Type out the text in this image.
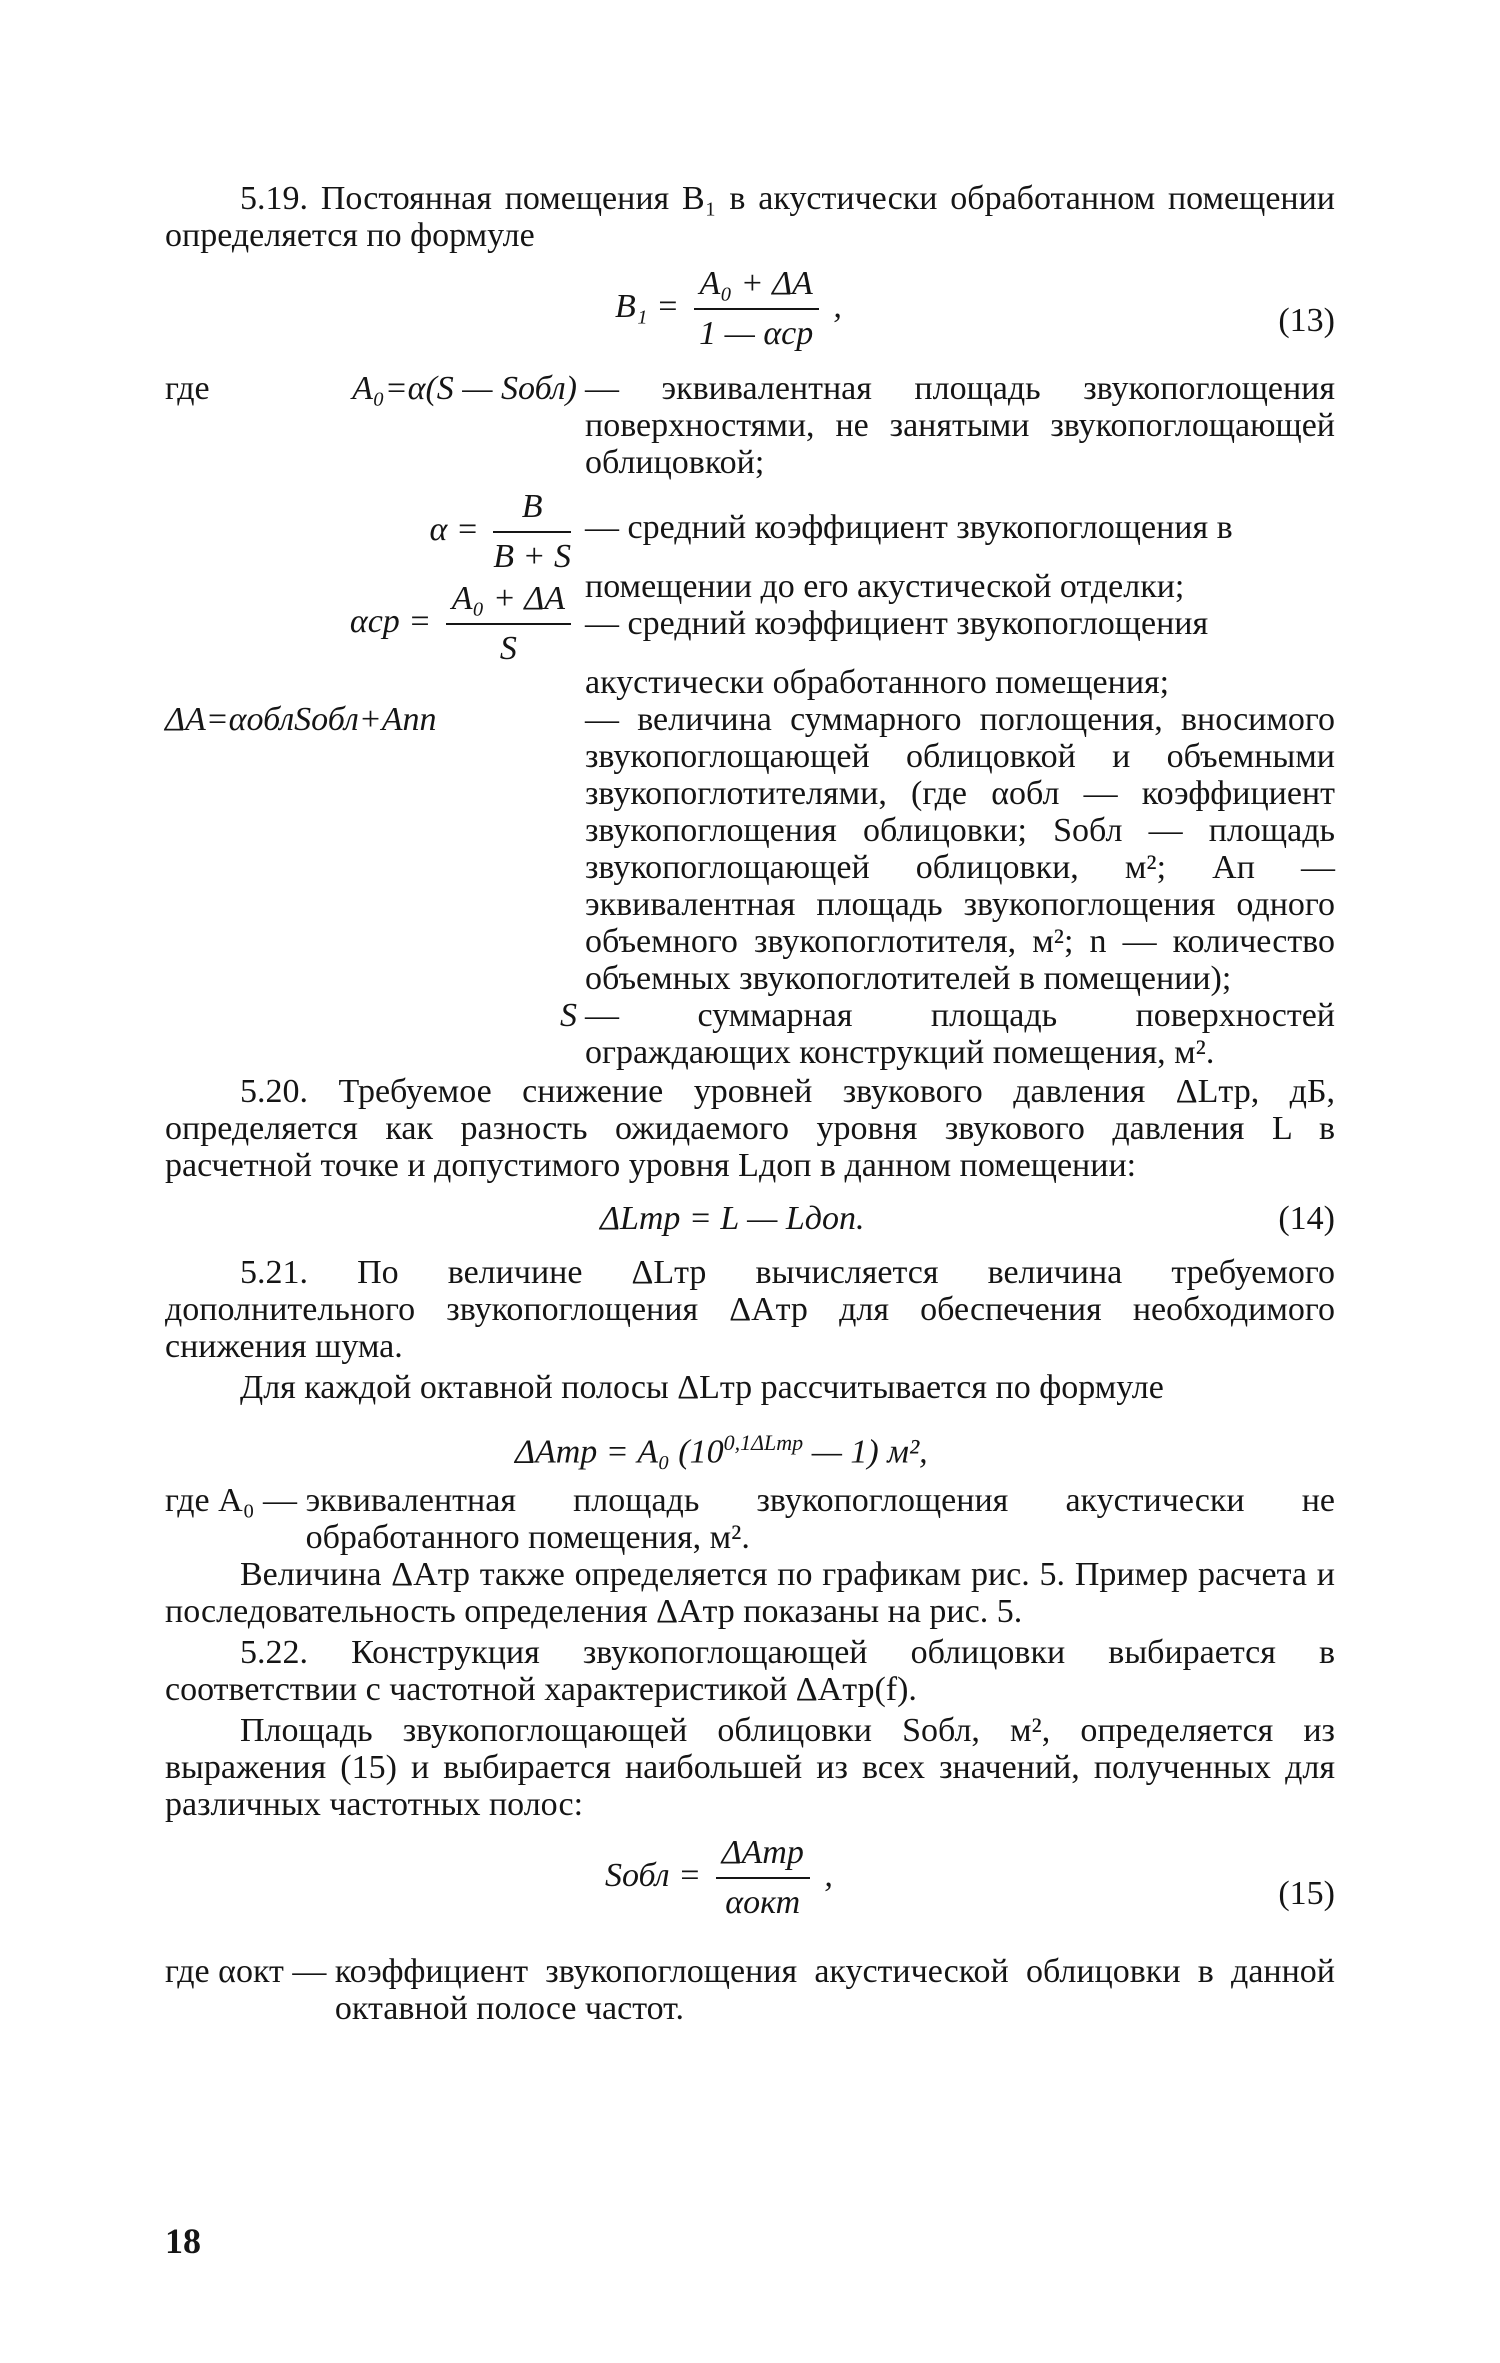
5.19. Постоянная помещения B₁ в акустически обработанном помещении определяется по формуле

$B_1 = \frac{\text{A₀ + ΔA}}{\text{1 — αср}}$ ,	(13)
где	A₀=α(S — Sобл) — эквивалентная площадь звукопоглощения поверхностями, не занятыми звукопоглощающей облицовкой;
$\alpha = \frac{B}{B + S}$ — средний коэффициент звукопоглощения в
помещении до его акустической отделки;
$\alpha ср = \frac{\text{A₀ + ΔA}}{S}$ — средний коэффициент звукопоглощения
акустически обработанного помещения;
ΔA=αоблSобл+Aпn	— величина суммарного поглощения, вносимого звукопоглощающей облицовкой и объемными звукопоглотителями, (где αобл — коэффициент звукопоглощения облицовки; Sобл — площадь звукопоглощающей облицовки, м²; Aп — эквивалентная площадь звукопоглощения одного объемного звукопоглотителя, м²; n — количество объемных звукопоглотителей в помещении);
S — суммарная площадь поверхностей ограждающих конструкций помещения, м².

5.20. Требуемое снижение уровней звукового давления ΔLтр, дБ, определяется как разность ожидаемого уровня звукового давления L в расчетной точке и допустимого уровня Lдоп в данном помещении:

ΔLтр = L — Lдоп.	(14)

5.21. По величине ΔLтр вычисляется величина требуемого дополнительного звукопоглощения ΔAтр для обеспечения необходимого снижения шума.

Для каждой октавной полосы ΔLтр рассчитывается по формуле

ΔAтр = A₀ ($10^{0,1\Delta Lтр}$ — 1) м²,
где A₀ — эквивалентная площадь звукопоглощения акустически не обработанного помещения, м².

Величина ΔAтр также определяется по графикам рис. 5. Пример расчета и последовательность определения ΔAтр показаны на рис. 5.

5.22. Конструкция звукопоглощающей облицовки выбирается в соответствии с частотной характеристикой ΔAтр(f).

Площадь звукопоглощающей облицовки Sобл, м², определяется из выражения (15) и выбирается наибольшей из всех значений, полученных для различных частотных полос:

Sобл = $\frac{\text{ΔAтр}}{\text{αокт}}$ ,	(15)
где αокт — коэффициент звукопоглощения акустической облицовки в данной октавной полосе частот.
18
